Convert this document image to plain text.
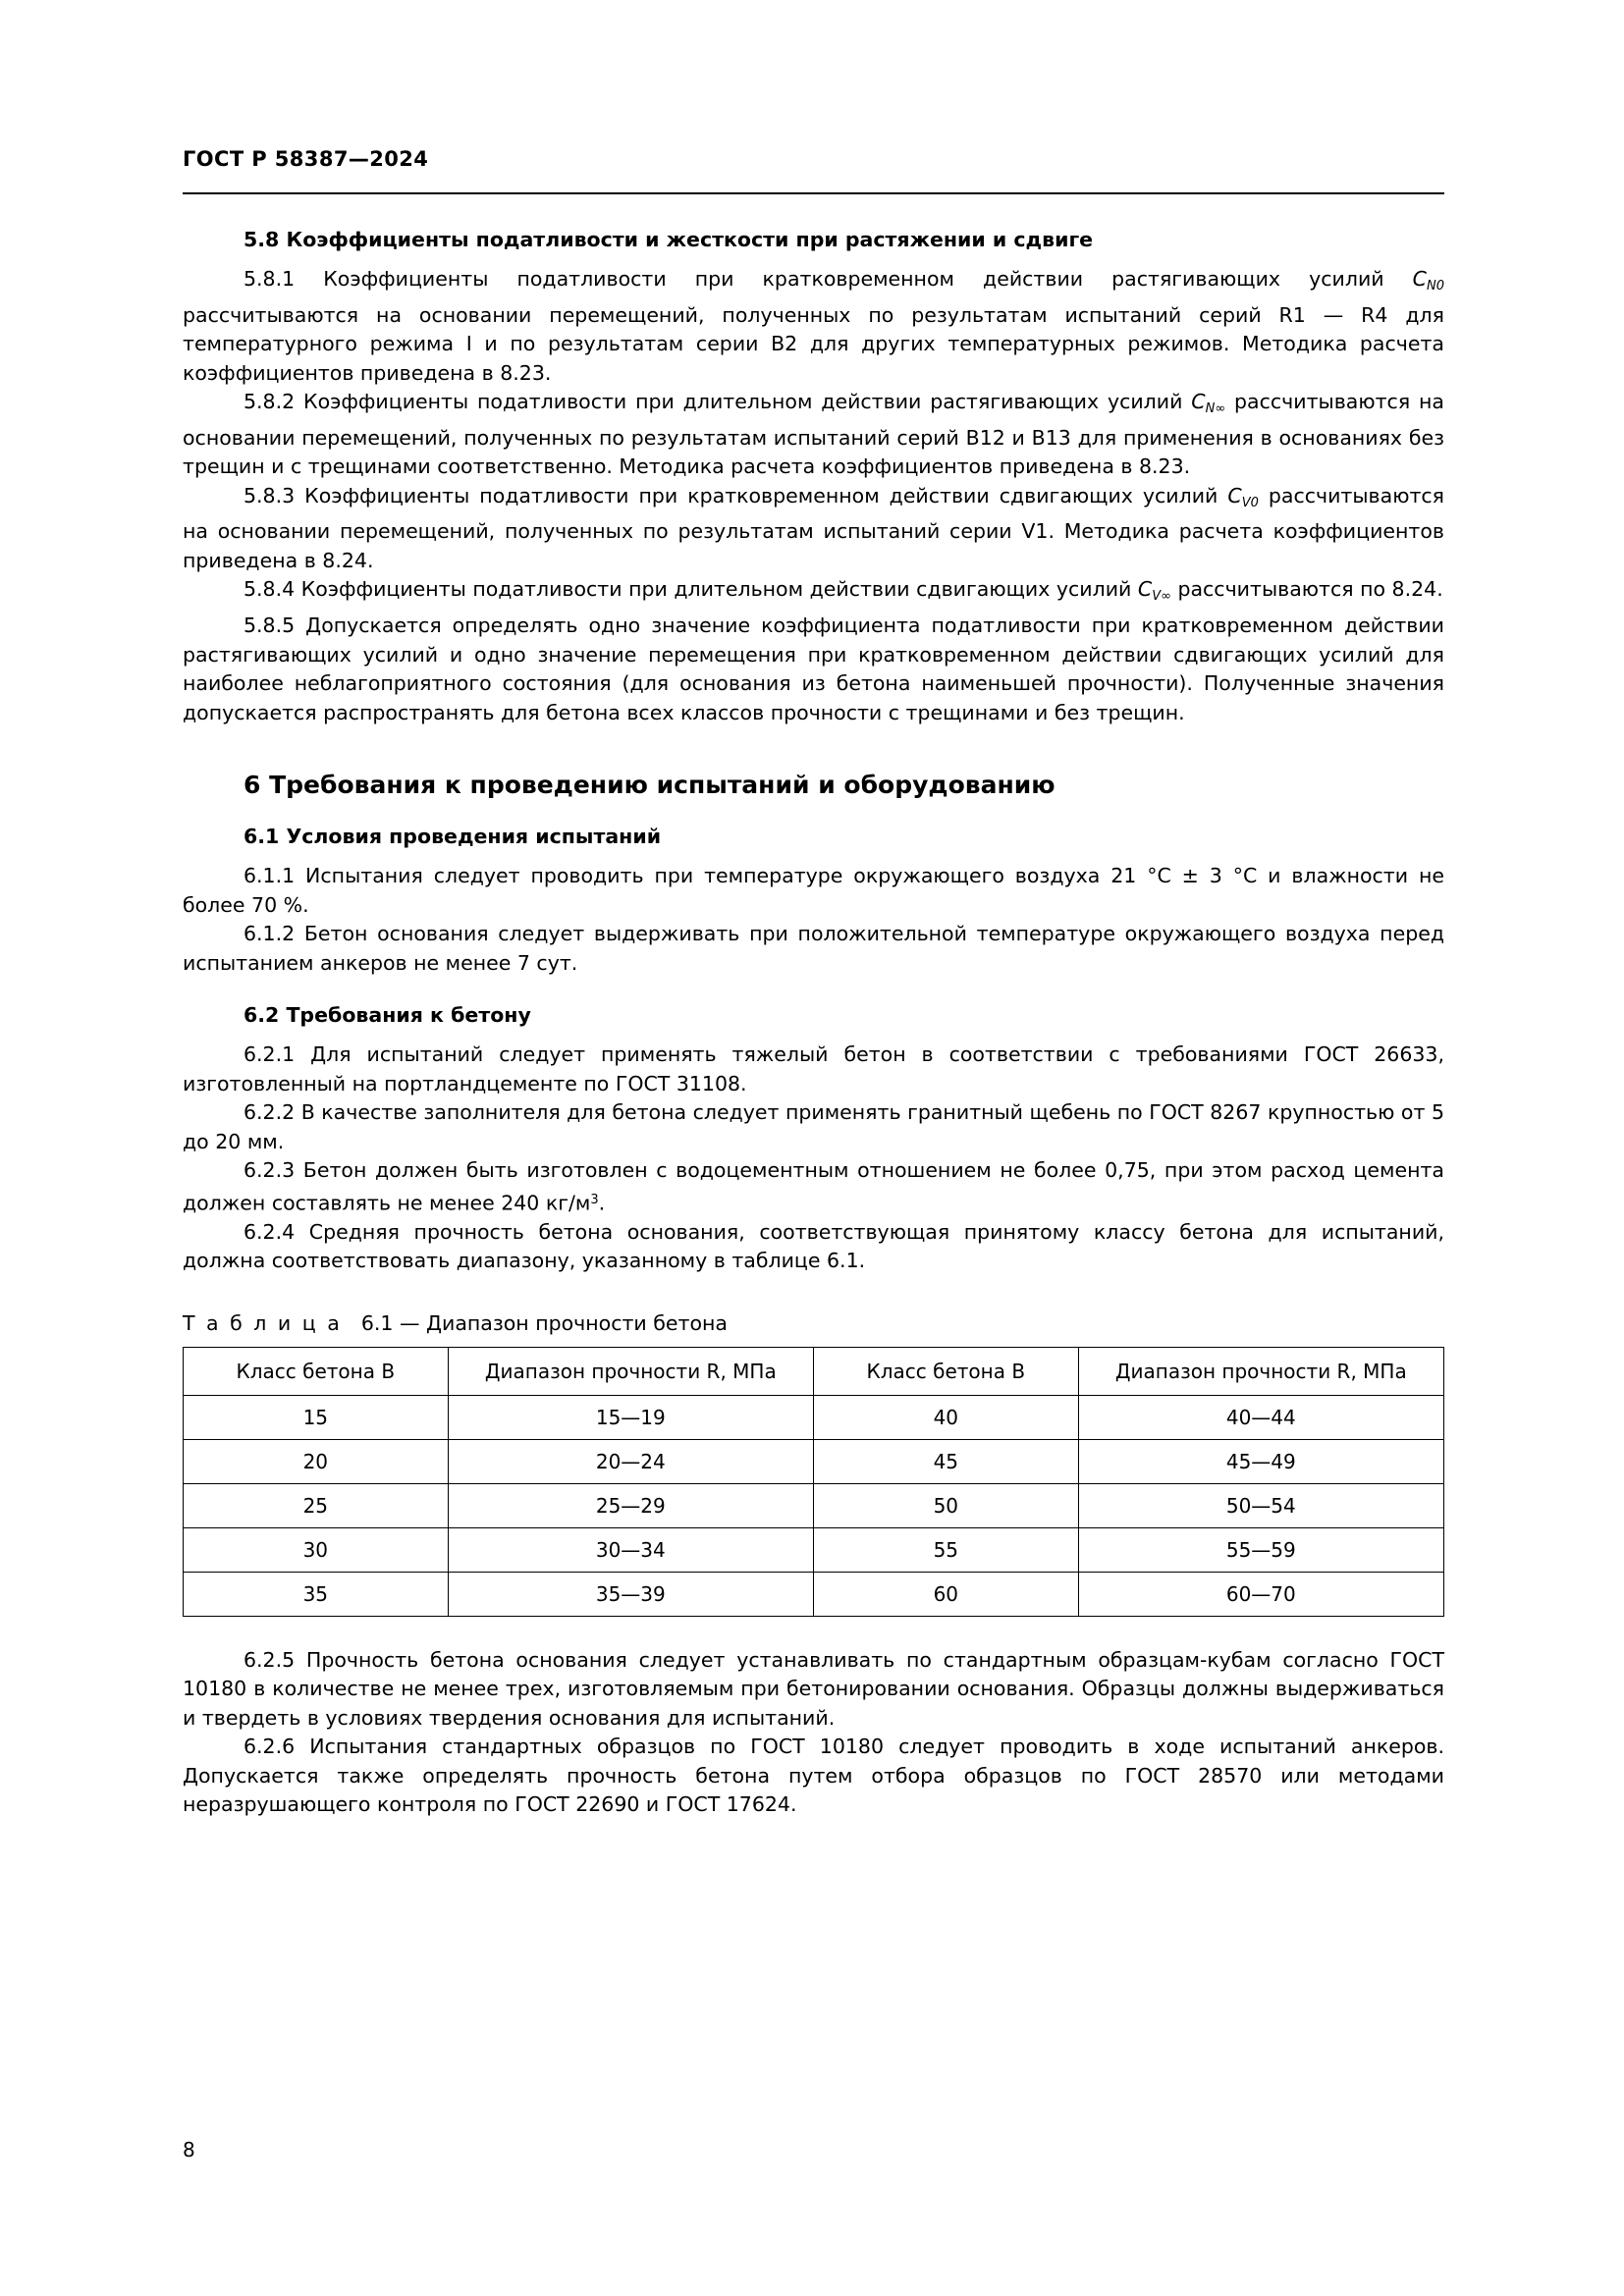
ГОСТ Р 58387—2024
5.8 Коэффициенты податливости и жесткости при растяжении и сдвиге

5.8.1 Коэффициенты податливости при кратковременном действии растягивающих усилий $C_{N0}$ рассчитываются на основании перемещений, полученных по результатам испытаний серий R1 — R4 для температурного режима I и по результатам серии B2 для других температурных режимов. Методика расчета коэффициентов приведена в 8.23.

5.8.2 Коэффициенты податливости при длительном действии растягивающих усилий $C_{N\infty}$ рассчитываются на основании перемещений, полученных по результатам испытаний серий B12 и B13 для применения в основаниях без трещин и с трещинами соответственно. Методика расчета коэффициентов приведена в 8.23.

5.8.3 Коэффициенты податливости при кратковременном действии сдвигающих усилий $C_{V0}$ рассчитываются на основании перемещений, полученных по результатам испытаний серии V1. Методика расчета коэффициентов приведена в 8.24.

5.8.4 Коэффициенты податливости при длительном действии сдвигающих усилий $C_{V\infty}$ рассчитываются по 8.24.

5.8.5 Допускается определять одно значение коэффициента податливости при кратковременном действии растягивающих усилий и одно значение перемещения при кратковременном действии сдвигающих усилий для наиболее неблагоприятного состояния (для основания из бетона наименьшей прочности). Полученные значения допускается распространять для бетона всех классов прочности с трещинами и без трещин.

6 Требования к проведению испытаний и оборудованию
6.1 Условия проведения испытаний

6.1.1 Испытания следует проводить при температуре окружающего воздуха 21 °С ± 3 °С и влажности не более 70 %.

6.1.2 Бетон основания следует выдерживать при положительной температуре окружающего воздуха перед испытанием анкеров не менее 7 сут.

6.2 Требования к бетону

6.2.1 Для испытаний следует применять тяжелый бетон в соответствии с требованиями ГОСТ 26633, изготовленный на портландцементе по ГОСТ 31108.

6.2.2 В качестве заполнителя для бетона следует применять гранитный щебень по ГОСТ 8267 крупностью от 5 до 20 мм.

6.2.3 Бетон должен быть изготовлен с водоцементным отношением не более 0,75, при этом расход цемента должен составлять не менее 240 $кг/м^3$.

6.2.4 Средняя прочность бетона основания, соответствующая принятому классу бетона для испытаний, должна соответствовать диапазону, указанному в таблице 6.1.

Т а б л и ц а 6.1 — Диапазон прочности бетона
Класс бетона В	Диапазон прочности R, МПа	Класс бетона В	Диапазон прочности R, МПа
15	15—19	40	40—44
20	20—24	45	45—49
25	25—29	50	50—54
30	30—34	55	55—59
35	35—39	60	60—70

6.2.5 Прочность бетона основания следует устанавливать по стандартным образцам-кубам согласно ГОСТ 10180 в количестве не менее трех, изготовляемым при бетонировании основания. Образцы должны выдерживаться и твердеть в условиях твердения основания для испытаний.

6.2.6 Испытания стандартных образцов по ГОСТ 10180 следует проводить в ходе испытаний анкеров. Допускается также определять прочность бетона путем отбора образцов по ГОСТ 28570 или методами неразрушающего контроля по ГОСТ 22690 и ГОСТ 17624.

8
